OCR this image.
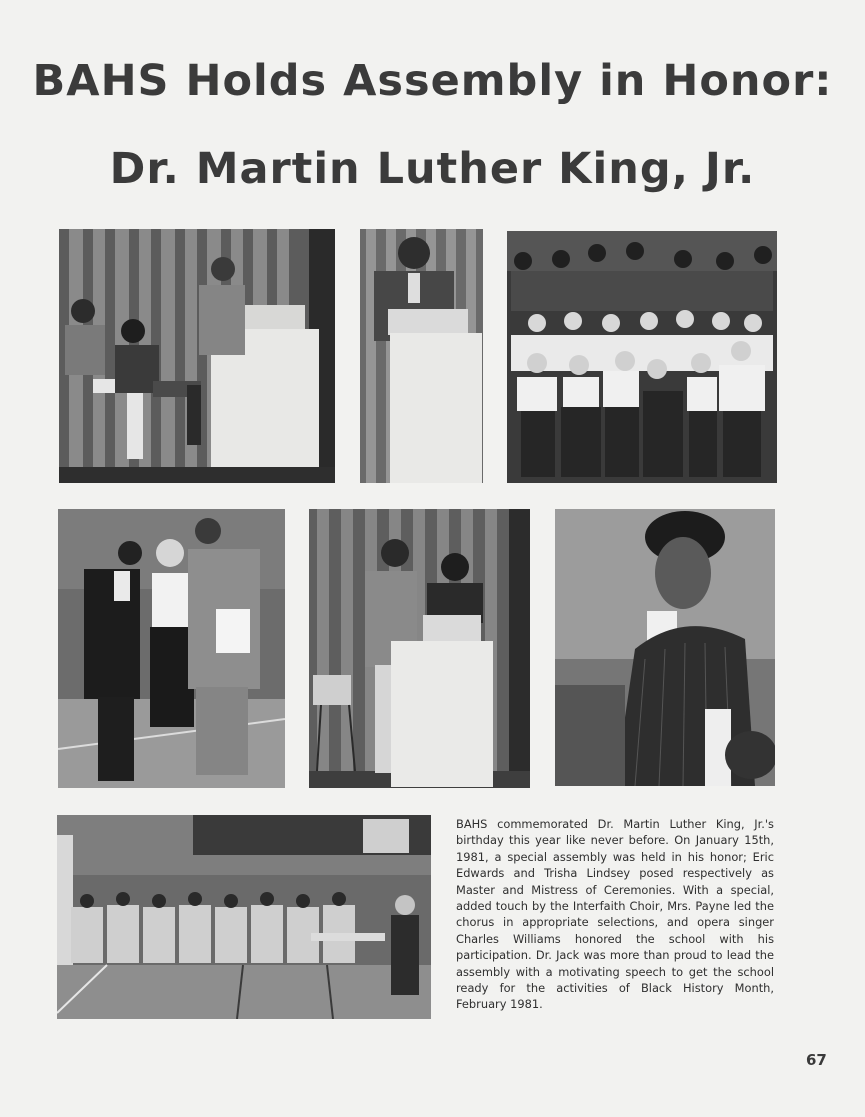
BAHS Holds Assembly in Honor:
Dr. Martin Luther King, Jr.

BAHS commemorated Dr. Martin Luther King, Jr.'s birthday this year like never before. On January 15th, 1981, a special assembly was held in his honor; Eric Edwards and Trisha Lindsey posed respectively as Master and Mistress of Ceremonies. With a special, added touch by the Interfaith Choir, Mrs. Payne led the chorus in appropriate selections, and opera singer Charles Williams honored the school with his participation. Dr. Jack was more than proud to lead the assembly with a motivating speech to get the school ready for the activities of Black History Month, February 1981.

67
